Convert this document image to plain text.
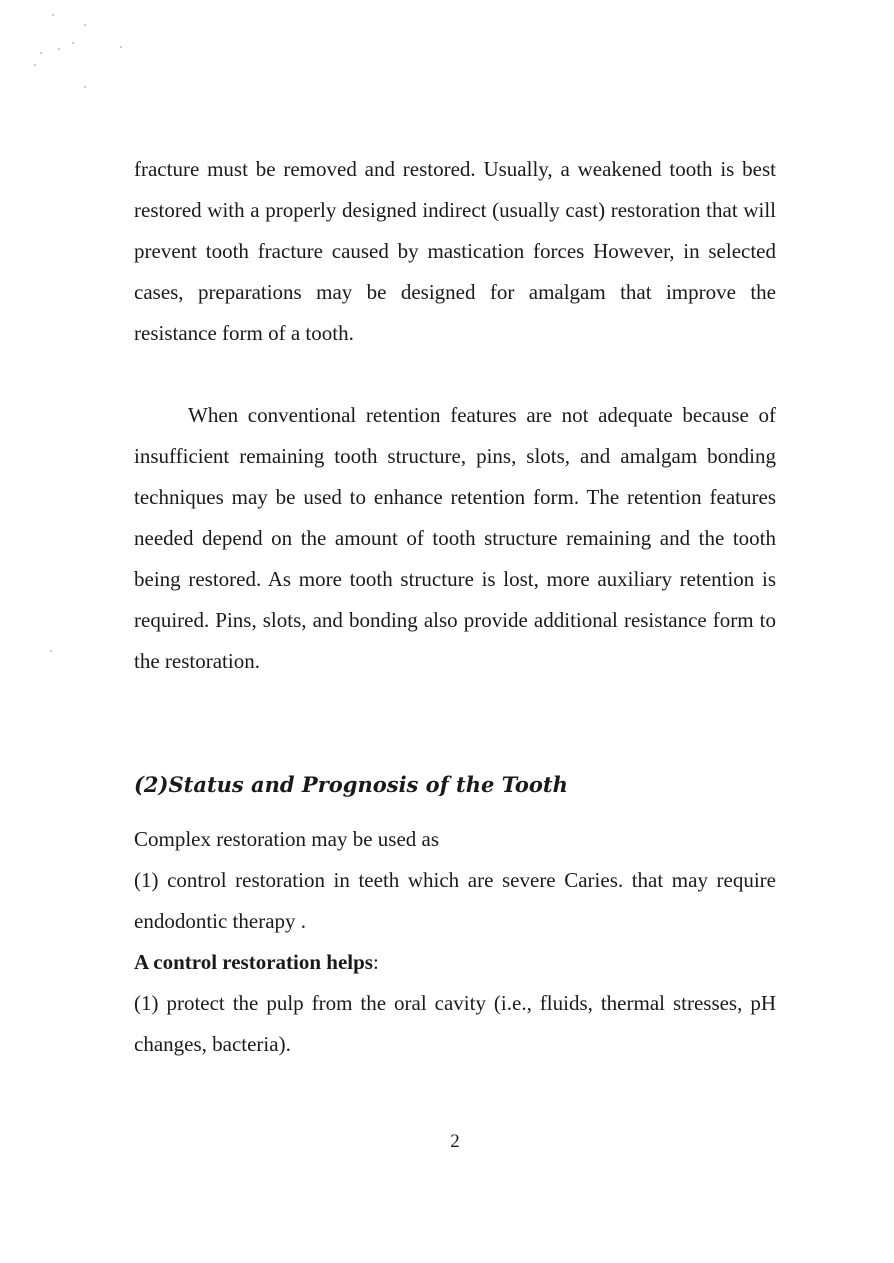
fracture must be removed and restored. Usually, a weakened tooth is best restored with a properly designed indirect (usually cast) restoration that will prevent tooth fracture caused by mastication forces However, in selected cases, preparations may be designed for amalgam that improve the resistance form of a tooth.

When conventional retention features are not adequate because of insufficient remaining tooth structure, pins, slots, and amalgam bonding techniques may be used to enhance retention form. The retention features needed depend on the amount of tooth structure remaining and the tooth being restored. As more tooth structure is lost, more auxiliary retention is required. Pins, slots, and bonding also provide additional resistance form to the restoration.

(2)Status and Prognosis of the Tooth

Complex restoration may be used as

(1) control restoration in teeth which are severe Caries. that may require endodontic therapy .

A control restoration helps:

(1) protect the pulp from the oral cavity (i.e., fluids, thermal stresses, pH changes, bacteria).

2
